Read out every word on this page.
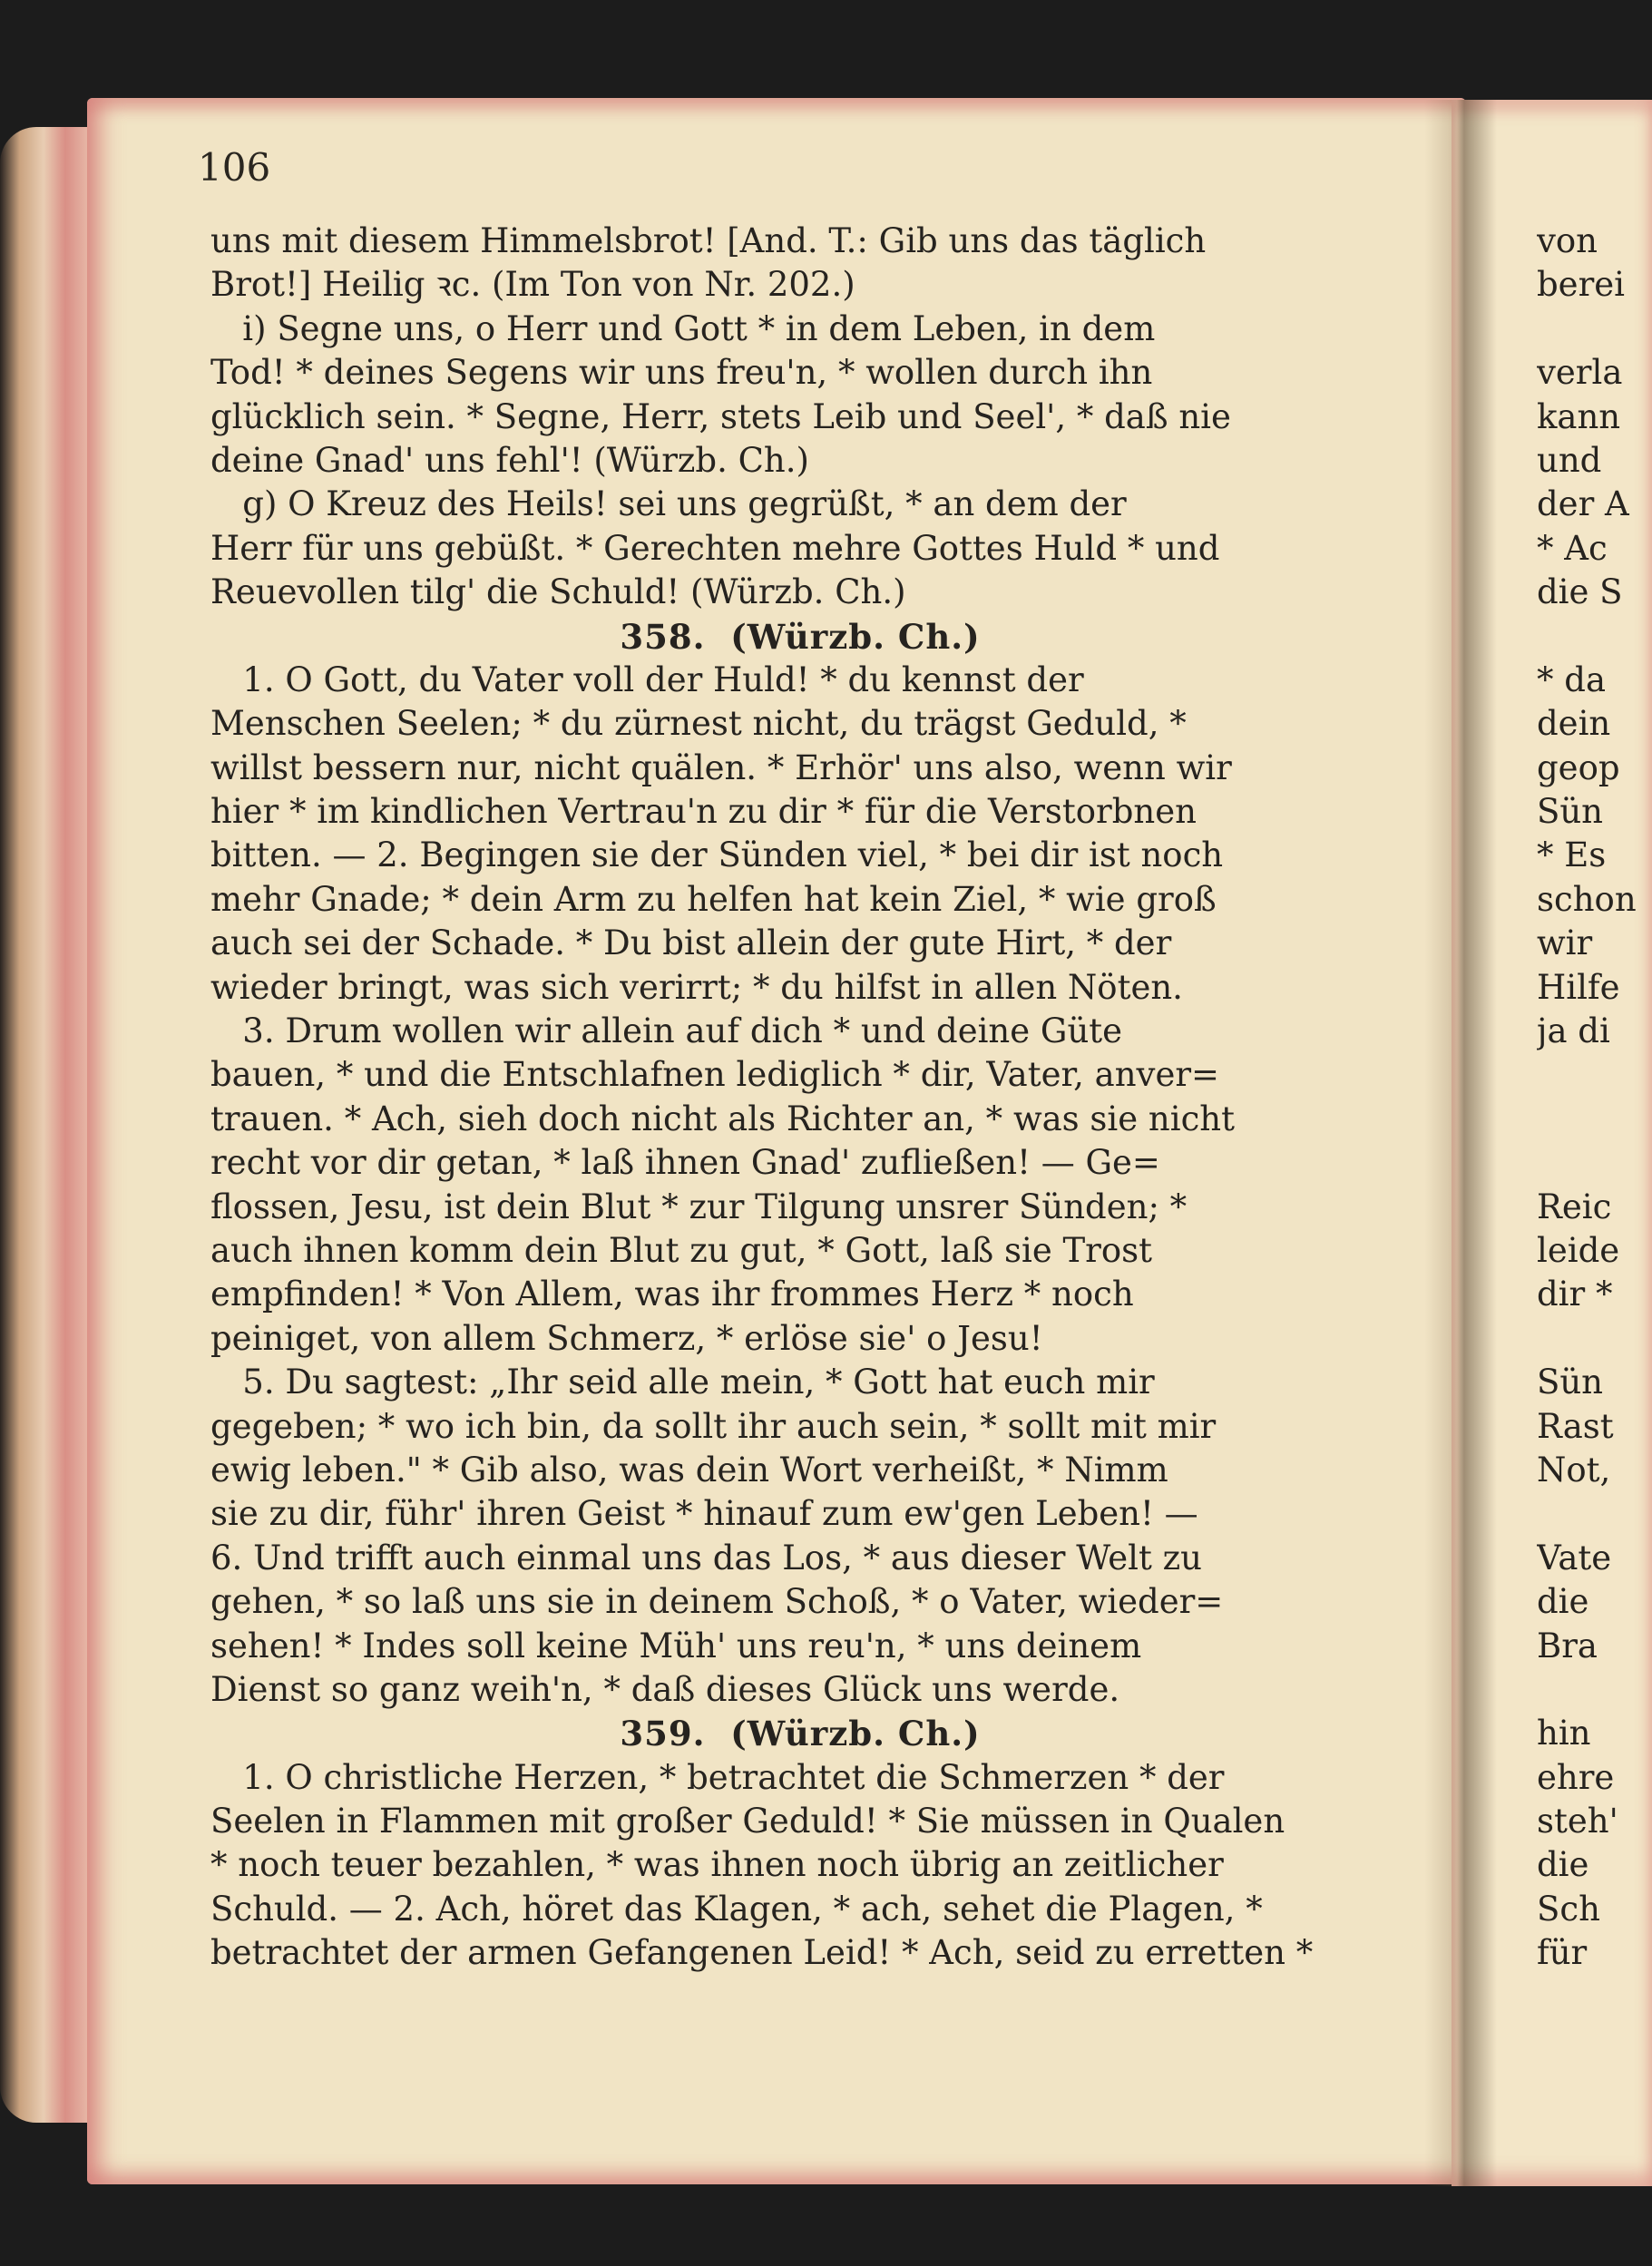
106
uns mit diesem Himmelsbrot! [And. T.: Gib uns das täglich
Brot!] Heilig ꝛc. (Im Ton von Nr. 202.)
i) Segne uns, o Herr und Gott * in dem Leben, in dem
Tod! * deines Segens wir uns freu'n, * wollen durch ihn
glücklich sein. * Segne, Herr, stets Leib und Seel', * daß nie
deine Gnad' uns fehl'! (Würzb. Ch.)
g) O Kreuz des Heils! sei uns gegrüßt, * an dem der
Herr für uns gebüßt. * Gerechten mehre Gottes Huld * und
Reuevollen tilg' die Schuld! (Würzb. Ch.)
358.  (Würzb. Ch.)
1. O Gott, du Vater voll der Huld! * du kennst der
Menschen Seelen; * du zürnest nicht, du trägst Geduld, *
willst bessern nur, nicht quälen. * Erhör' uns also, wenn wir
hier * im kindlichen Vertrau'n zu dir * für die Verstorbnen
bitten. — 2. Begingen sie der Sünden viel, * bei dir ist noch
mehr Gnade; * dein Arm zu helfen hat kein Ziel, * wie groß
auch sei der Schade. * Du bist allein der gute Hirt, * der
wieder bringt, was sich verirrt; * du hilfst in allen Nöten.
3. Drum wollen wir allein auf dich * und deine Güte
bauen, * und die Entschlafnen lediglich * dir, Vater, anver=
trauen. * Ach, sieh doch nicht als Richter an, * was sie nicht
recht vor dir getan, * laß ihnen Gnad' zufließen! — Ge=
flossen, Jesu, ist dein Blut * zur Tilgung unsrer Sünden; *
auch ihnen komm dein Blut zu gut, * Gott, laß sie Trost
empfinden! * Von Allem, was ihr frommes Herz * noch
peiniget, von allem Schmerz, * erlöse sie' o Jesu!
5. Du sagtest: „Ihr seid alle mein, * Gott hat euch mir
gegeben; * wo ich bin, da sollt ihr auch sein, * sollt mit mir
ewig leben." * Gib also, was dein Wort verheißt, * Nimm
sie zu dir, führ' ihren Geist * hinauf zum ew'gen Leben! —
6. Und trifft auch einmal uns das Los, * aus dieser Welt zu
gehen, * so laß uns sie in deinem Schoß, * o Vater, wieder=
sehen! * Indes soll keine Müh' uns reu'n, * uns deinem
Dienst so ganz weih'n, * daß dieses Glück uns werde.
359.  (Würzb. Ch.)
1. O christliche Herzen, * betrachtet die Schmerzen * der
Seelen in Flammen mit großer Geduld! * Sie müssen in Qualen
* noch teuer bezahlen, * was ihnen noch übrig an zeitlicher
Schuld. — 2. Ach, höret das Klagen, * ach, sehet die Plagen, *
betrachtet der armen Gefangenen Leid! * Ach, seid zu erretten *
von
berei
verla
kann
und
der A
* Ac
die S
* da
dein
geop
Sün
* Es
schon
wir
Hilfe
ja di
Reic
leide
dir *
Sün
Rast
Not,
Vate
die
Bra
hin
ehre
steh'
die
Sch
für
